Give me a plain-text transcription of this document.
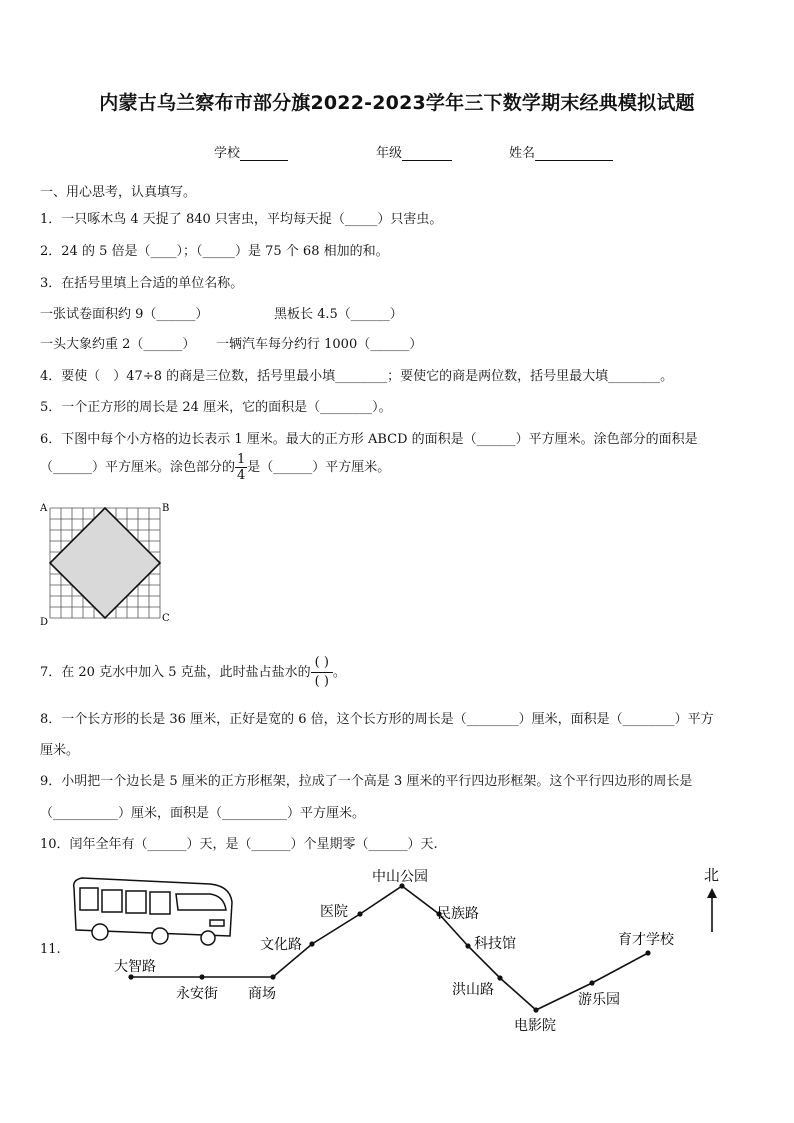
内蒙古乌兰察布市部分旗2022-2023学年三下数学期末经典模拟试题
学校	年级	姓名
一、用心思考，认真填写。
1．一只啄木鸟 4 天捉了 840 只害虫，平均每天捉（_____）只害虫。
2．24 的 5 倍是（____）；（_____）是 75 个 68 相加的和。
3．在括号里填上合适的单位名称。
一张试卷面积约 9（______）	黑板长 4.5（______）
一头大象约重 2（______） 一辆汽车每分约行 1000（______）
4．要使（　）47÷8 的商是三位数，括号里最小填________；要使它的商是两位数，括号里最大填________。
5．一个正方形的周长是 24 厘米，它的面积是（________）。
6．下图中每个小方格的边长表示 1 厘米。最大的正方形 ABCD 的面积是（______）平方厘米。涂色部分的面积是
（______）平方厘米。涂色部分的 $\frac{1}{4}$ 是（______）平方厘米。
A	B
C
D
7．在 20 克水中加入 5 克盐，此时盐占盐水的 $\frac{( )}{( )}$ 。
8．一个长方形的长是 36 厘米，正好是宽的 6 倍，这个长方形的周长是（________）厘米，面积是（________）平方
厘米。
9．小明把一个边长是 5 厘米的正方形框架，拉成了一个高是 3 厘米的平行四边形框架。这个平行四边形的周长是
（__________）厘米，面积是（__________）平方厘米。
10．闰年全年有（______）天，是（______）个星期零（______）天.
11.
大智路
永安街 商场
文化路
医院
中山公园
民族路
科技馆
洪山路
电影院
游乐园
育才学校
北
